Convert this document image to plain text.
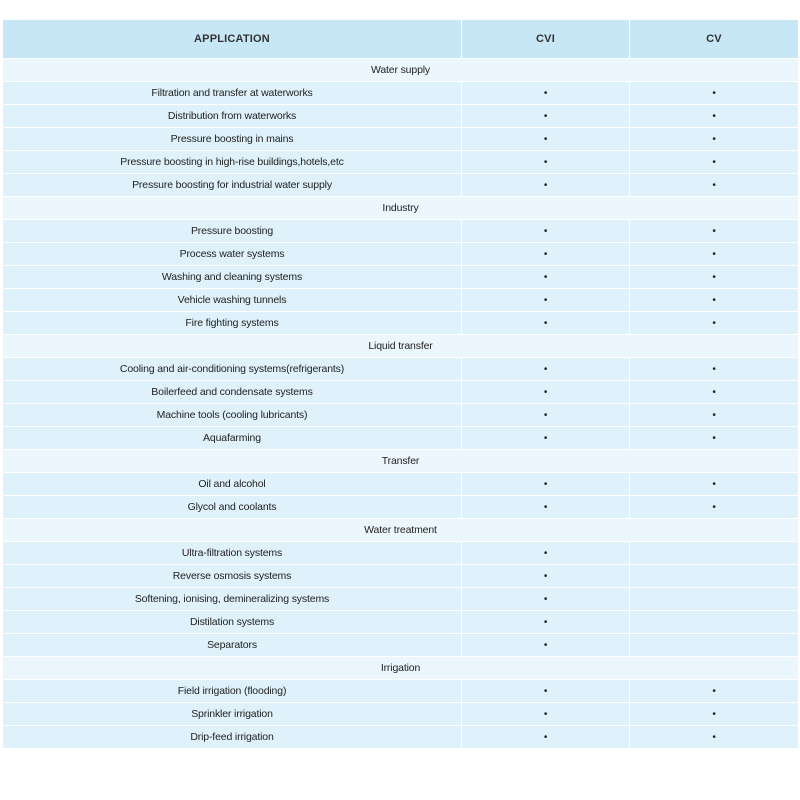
APPLICATION	CVI	CV
Water supply		
Filtration and transfer at waterworks	•	•
Distribution from waterworks	•	•
Pressure boosting in mains	•	•
Pressure boosting in high-rise buildings,hotels,etc	•	•
Pressure boosting for industrial water supply	•	•
Industry		
Pressure boosting	•	•
Process water systems	•	•
Washing and cleaning systems	•	•
Vehicle washing tunnels	•	•
Fire fighting systems	•	•
Liquid transfer		
Cooling and air-conditioning systems(refrigerants)	•	•
Boilerfeed and condensate systems	•	•
Machine tools (cooling lubricants)	•	•
Aquafarming	•	•
Transfer		
Oil and alcohol	•	•
Glycol and coolants	•	•
Water treatment		
Ultra-filtration systems	•	
Reverse osmosis systems	•	
Softening, ionising, demineralizing systems	•	
Distilation systems	•	
Separators	•	
Irrigation		
Field irrigation (flooding)	•	•
Sprinkler irrigation	•	•
Drip-feed irrigation	•	•
